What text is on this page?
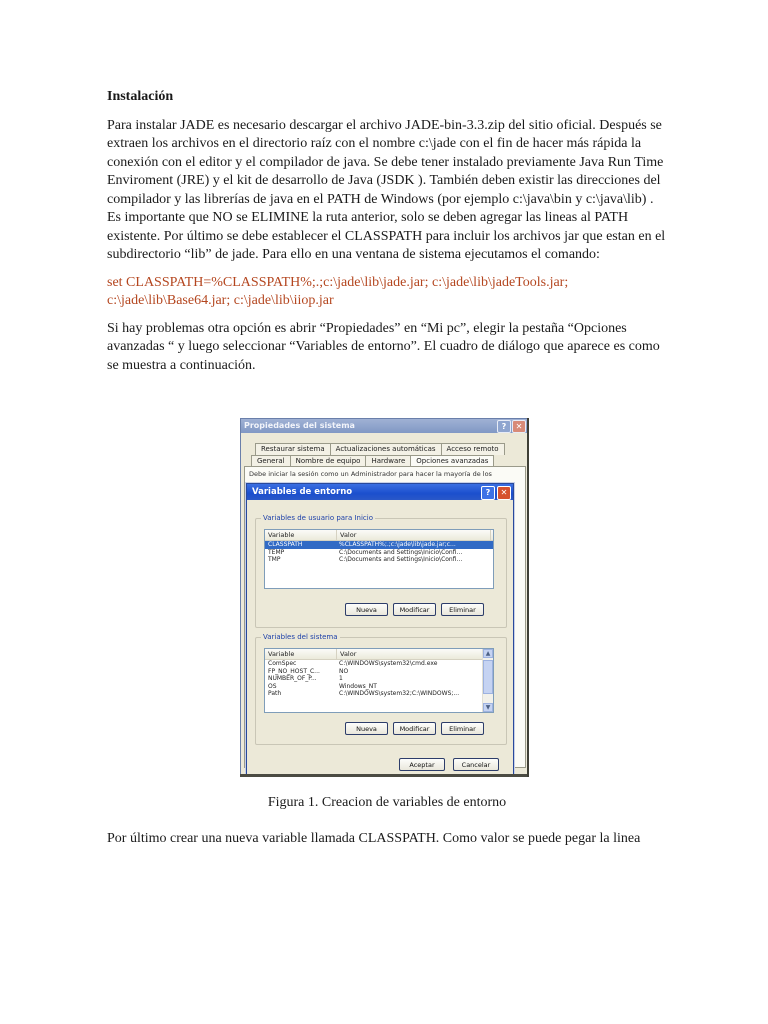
Instalación

Para instalar JADE es necesario descargar el archivo JADE-bin-3.3.zip del sitio oficial. Después se extraen los archivos en el directorio raíz con el nombre c:\jade con el fin de hacer más rápida la conexión con el editor y el compilador de java. Se debe tener instalado previamente Java Run Time Enviroment (JRE) y el kit de desarrollo de Java (JSDK ). También deben existir las direcciones del compilador y las librerías de java en el PATH de Windows (por ejemplo c:\java\bin y c:\java\lib) . Es importante que NO se ELIMINE la ruta anterior, solo se deben agregar las lineas al PATH existente. Por último se debe establecer el CLASSPATH para incluir los archivos jar que estan en el subdirectorio “lib” de jade. Para ello en una ventana de sistema ejecutamos el comando:

set CLASSPATH=%CLASSPATH%;.;c:\jade\lib\jade.jar; c:\jade\lib\jadeTools.jar; c:\jade\lib\Base64.jar; c:\jade\lib\iiop.jar

Si hay problemas otra opción es abrir “Propiedades” en “Mi pc”, elegir la pestaña “Opciones avanzadas “ y luego seleccionar “Variables de entorno”. El cuadro de diálogo que aparece es como se muestra a continuación.

Figura 1. Creacion de variables de entorno

Por último crear una nueva variable llamada CLASSPATH. Como valor se puede pegar la linea

Propiedades del sistema	?	✕
Restaurar sistema	Actualizaciones automáticas	Acceso remoto
General	Nombre de equipo	Hardware	Opciones avanzadas
Debe iniciar la sesión como un Administrador para hacer la mayoría de los
Variables de entorno	?	✕
Variables de usuario para Inicio
Variable	Valor
CLASSPATH	%CLASSPATH%;.;c:\jade\lib\jade.jar;c...
TEMP	C:\Documents and Settings\Inicio\Confi...
TMP	C:\Documents and Settings\Inicio\Confi...
Nueva	Modificar	Eliminar
Variables del sistema
Variable	Valor
ComSpec	C:\WINDOWS\system32\cmd.exe
FP_NO_HOST_C...	NO
NUMBER_OF_P...	1
OS	Windows_NT
Path	C:\WINDOWS\system32;C:\WINDOWS;...
▲
▼
Nueva	Modificar	Eliminar
Aceptar	Cancelar
